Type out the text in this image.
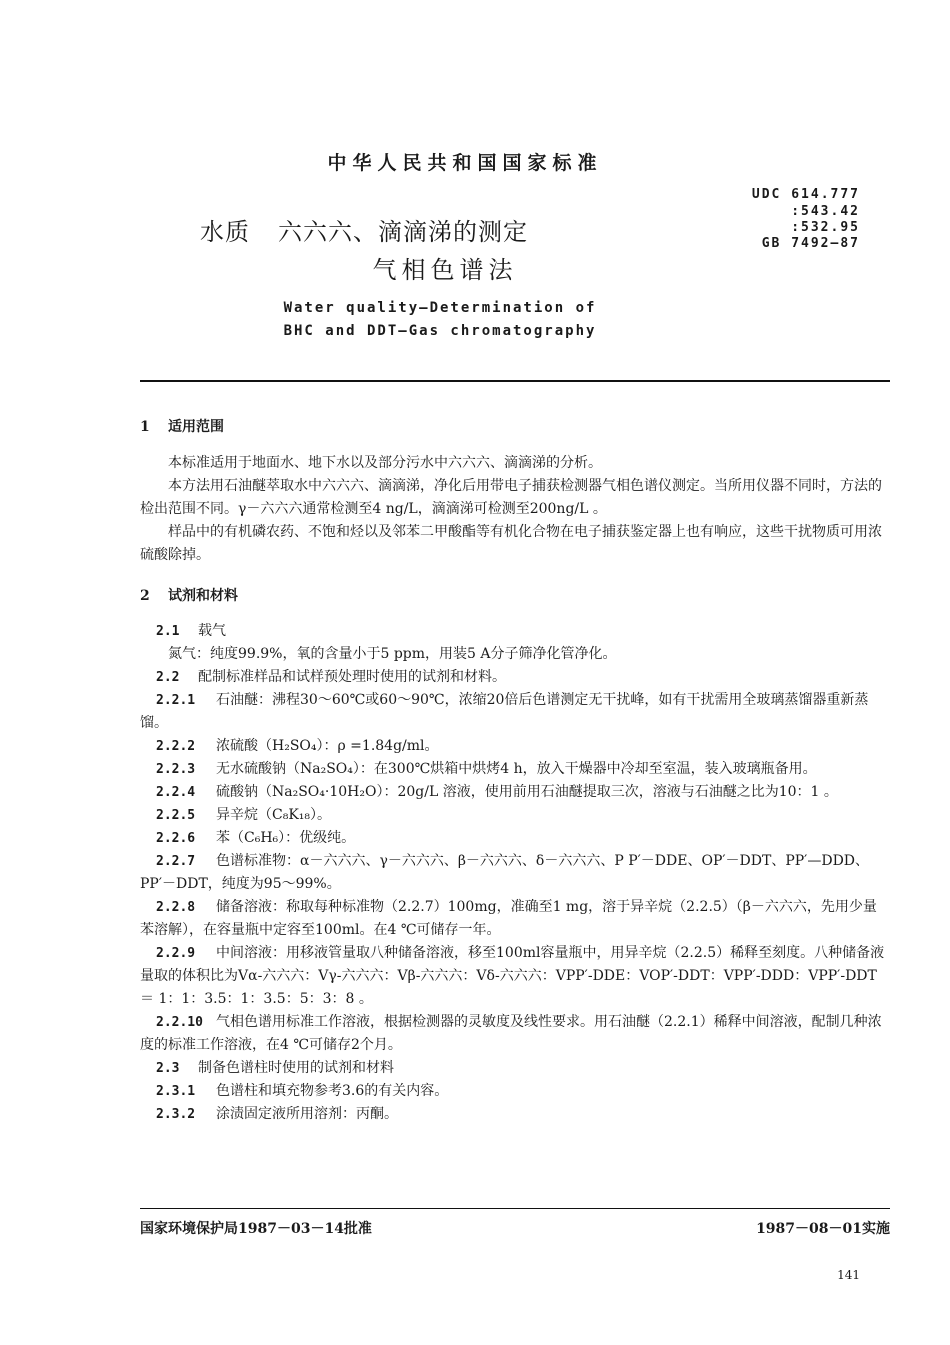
中华人民共和国国家标准
UDC 614.777
:543.42
:532.95
GB 7492—87
水质 六六六、滴滴涕的测定
气相色谱法
Water quality—Determination of
BHC and DDT—Gas chromatography
1 适用范围

本标准适用于地面水、地下水以及部分污水中六六六、滴滴涕的分析。

本方法用石油醚萃取水中六六六、滴滴涕，净化后用带电子捕获检测器气相色谱仪测定。当所用仪器不同时，方法的检出范围不同。γ－六六六通常检测至4 ng/L，滴滴涕可检测至200ng/L 。

样品中的有机磷农药、不饱和烃以及邻苯二甲酸酯等有机化合物在电子捕获鉴定器上也有响应，这些干扰物质可用浓硫酸除掉。

2 试剂和材料

2.1 载气

氮气：纯度99.9%，氧的含量小于5 ppm，用装5 A分子筛净化管净化。

2.2 配制标准样品和试样预处理时使用的试剂和材料。

2.2.1 石油醚：沸程30～60℃或60～90℃，浓缩20倍后色谱测定无干扰峰，如有干扰需用全玻璃蒸馏器重新蒸馏。

2.2.2 浓硫酸（H₂SO₄）：ρ =1.84g/ml。

2.2.3 无水硫酸钠（Na₂SO₄）：在300℃烘箱中烘烤4 h，放入干燥器中冷却至室温，装入玻璃瓶备用。

2.2.4 硫酸钠（Na₂SO₄·10H₂O）：20g/L 溶液，使用前用石油醚提取三次，溶液与石油醚之比为10：1 。

2.2.5 异辛烷（C₈K₁₈）。

2.2.6 苯（C₆H₆）：优级纯。

2.2.7 色谱标准物：α－六六六、γ－六六六、β－六六六、δ－六六六、P P′－DDE、OP′－DDT、PP′—DDD、PP′－DDT，纯度为95～99%。

2.2.8 储备溶液：称取每种标准物（2.2.7）100mg，准确至1 mg，溶于异辛烷（2.2.5）（β－六六六，先用少量苯溶解），在容量瓶中定容至100ml。在4 ℃可储存一年。

2.2.9 中间溶液：用移液管量取八种储备溶液，移至100ml容量瓶中，用异辛烷（2.2.5）稀释至刻度。八种储备液量取的体积比为Vα-六六六：Vγ-六六六：Vβ-六六六：Vδ-六六六：VPP′-DDE：VOP′-DDT：VPP′-DDD：VPP′-DDT ＝ 1：1：3.5：1：3.5：5：3：8 。

2.2.10 气相色谱用标准工作溶液，根据检测器的灵敏度及线性要求。用石油醚（2.2.1）稀释中间溶液，配制几种浓度的标准工作溶液，在4 ℃可储存2个月。

2.3 制备色谱柱时使用的试剂和材料

2.3.1 色谱柱和填充物参考3.6的有关内容。

2.3.2 涂渍固定液所用溶剂：丙酮。

国家环境保护局1987－03－14批准	1987－08－01实施
141
